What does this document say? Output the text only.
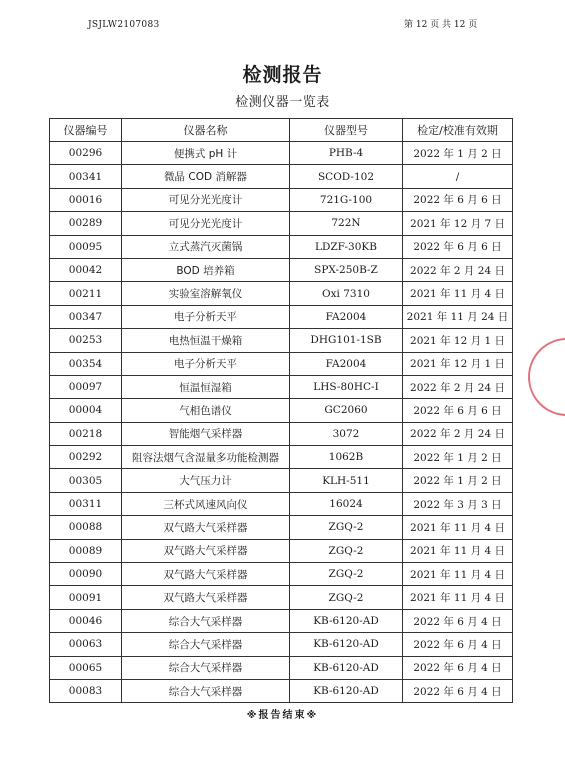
JSJLW2107083	第 12 页 共 12 页
检测报告
检测仪器一览表
仪器编号	仪器名称	仪器型号	检定/校准有效期
00296	便携式 pH 计	PHB-4	2022 年 1 月 2 日
00341	微晶 COD 消解器	SCOD-102	/
00016	可见分光光度计	721G-100	2022 年 6 月 6 日
00289	可见分光光度计	722N	2021 年 12 月 7 日
00095	立式蒸汽灭菌锅	LDZF-30KB	2022 年 6 月 6 日
00042	BOD 培养箱	SPX-250B-Z	2022 年 2 月 24 日
00211	实验室溶解氧仪	Oxi 7310	2021 年 11 月 4 日
00347	电子分析天平	FA2004	2021 年 11 月 24 日
00253	电热恒温干燥箱	DHG101-1SB	2021 年 12 月 1 日
00354	电子分析天平	FA2004	2021 年 12 月 1 日
00097	恒温恒湿箱	LHS-80HC-I	2022 年 2 月 24 日
00004	气相色谱仪	GC2060	2022 年 6 月 6 日
00218	智能烟气采样器	3072	2022 年 2 月 24 日
00292	阻容法烟气含湿量多功能检测器	1062B	2022 年 1 月 2 日
00305	大气压力计	KLH-511	2022 年 1 月 2 日
00311	三杯式风速风向仪	16024	2022 年 3 月 3 日
00088	双气路大气采样器	ZGQ-2	2021 年 11 月 4 日
00089	双气路大气采样器	ZGQ-2	2021 年 11 月 4 日
00090	双气路大气采样器	ZGQ-2	2021 年 11 月 4 日
00091	双气路大气采样器	ZGQ-2	2021 年 11 月 4 日
00046	综合大气采样器	KB-6120-AD	2022 年 6 月 4 日
00063	综合大气采样器	KB-6120-AD	2022 年 6 月 4 日
00065	综合大气采样器	KB-6120-AD	2022 年 6 月 4 日
00083	综合大气采样器	KB-6120-AD	2022 年 6 月 4 日
※报告结束※
